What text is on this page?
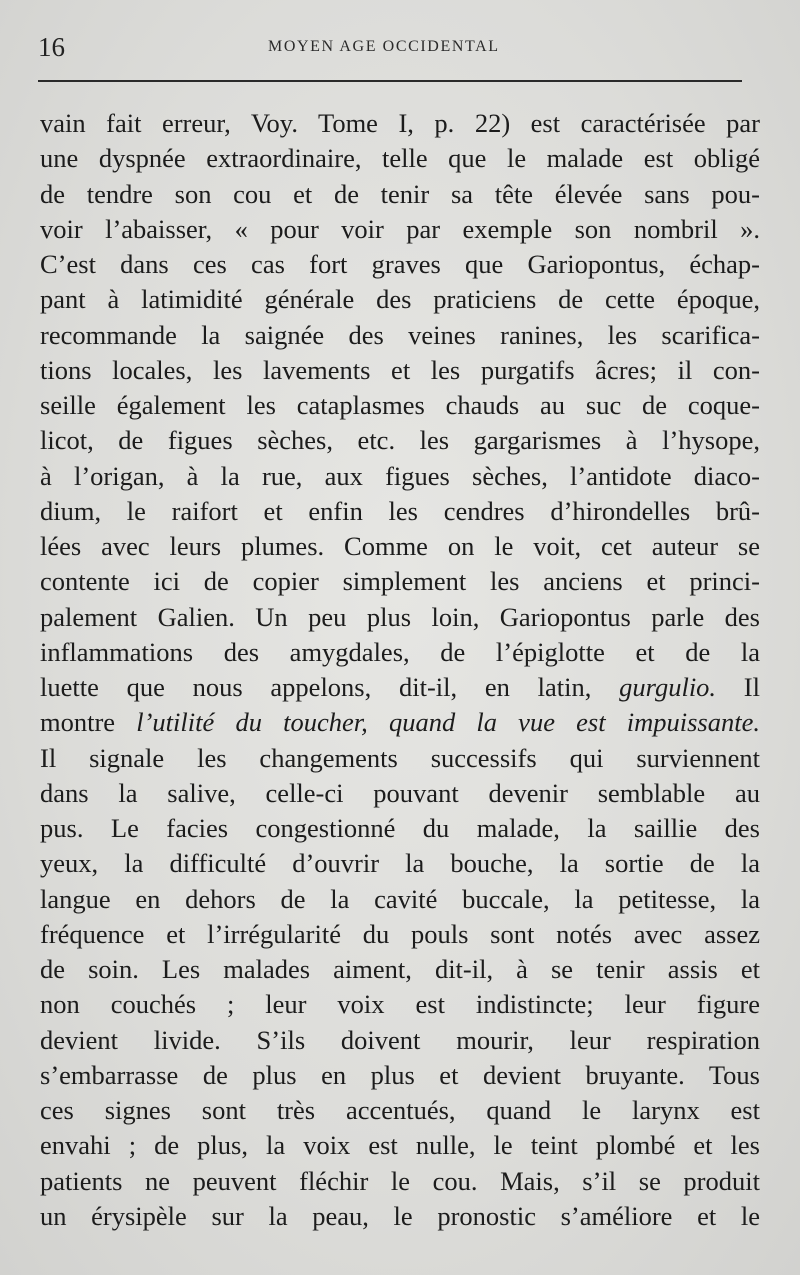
16	MOYEN AGE OCCIDENTAL
vain fait erreur, Voy. Tome I, p. 22) est caractérisée par
une dyspnée extraordinaire, telle que le malade est obligé
de tendre son cou et de tenir sa tête élevée sans pou-
voir l’abaisser, « pour voir par exemple son nombril ».
C’est dans ces cas fort graves que Gariopontus, échap-
pant à latimidité générale des praticiens de cette époque,
recommande la saignée des veines ranines, les scarifica-
tions locales, les lavements et les purgatifs âcres; il con-
seille également les cataplasmes chauds au suc de coque-
licot, de figues sèches, etc. les gargarismes à l’hysope,
à l’origan, à la rue, aux figues sèches, l’antidote diaco-
dium, le raifort et enfin les cendres d’hirondelles brû-
lées avec leurs plumes. Comme on le voit, cet auteur se
contente ici de copier simplement les anciens et princi-
palement Galien. Un peu plus loin, Gariopontus parle des
inflammations des amygdales, de l’épiglotte et de la
luette que nous appelons, dit-il, en latin, gurgulio. Il
montre l’utilité du toucher, quand la vue est impuissante.
Il signale les changements successifs qui surviennent
dans la salive, celle-ci pouvant devenir semblable au
pus. Le facies congestionné du malade, la saillie des
yeux, la difficulté d’ouvrir la bouche, la sortie de la
langue en dehors de la cavité buccale, la petitesse, la
fréquence et l’irrégularité du pouls sont notés avec assez
de soin. Les malades aiment, dit-il, à se tenir assis et
non couchés ; leur voix est indistincte; leur figure
devient livide. S’ils doivent mourir, leur respiration
s’embarrasse de plus en plus et devient bruyante. Tous
ces signes sont très accentués, quand le larynx est
envahi ; de plus, la voix est nulle, le teint plombé et les
patients ne peuvent fléchir le cou. Mais, s’il se produit
un érysipèle sur la peau, le pronostic s’améliore et le
